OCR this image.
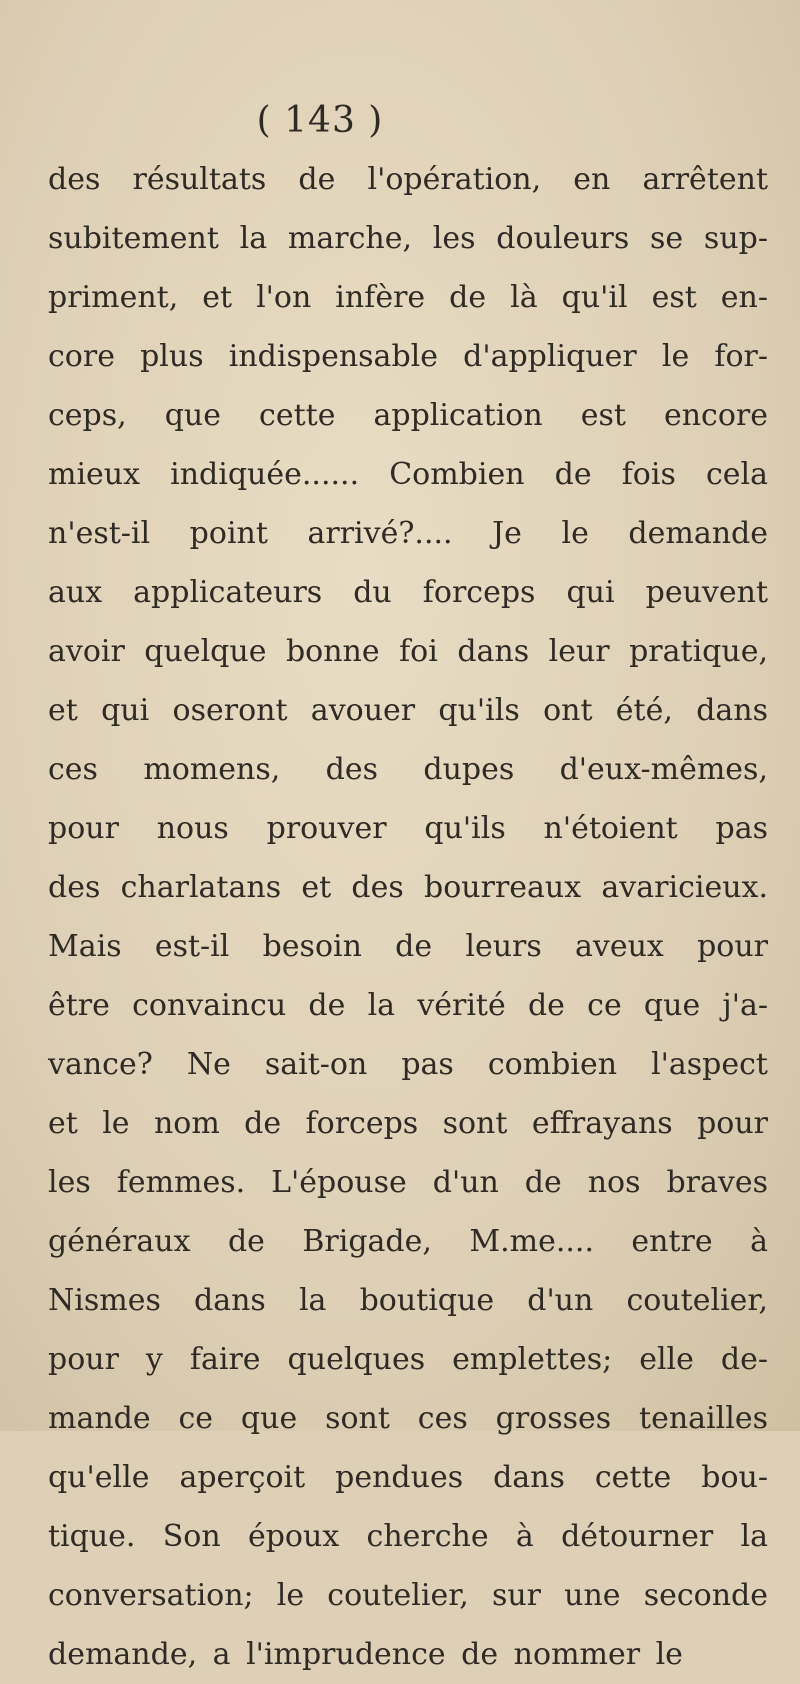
( 143 )
des résultats de l'opération, en arrêtent
subitement la marche, les douleurs se sup-
priment, et l'on infère de là qu'il est en-
core plus indispensable d'appliquer le for-
ceps, que cette application est encore
mieux indiquée...... Combien de fois cela
n'est-il point arrivé?.... Je le demande
aux applicateurs du forceps qui peuvent
avoir quelque bonne foi dans leur pratique,
et qui oseront avouer qu'ils ont été, dans
ces momens, des dupes d'eux-mêmes,
pour nous prouver qu'ils n'étoient pas
des charlatans et des bourreaux avaricieux.
Mais est-il besoin de leurs aveux pour
être convaincu de la vérité de ce que j'a-
vance? Ne sait-on pas combien l'aspect
et le nom de forceps sont effrayans pour
les femmes. L'épouse d'un de nos braves
généraux de Brigade, M.me.... entre à
Nismes dans la boutique d'un coutelier,
pour y faire quelques emplettes; elle de-
mande ce que sont ces grosses tenailles
qu'elle aperçoit pendues dans cette bou-
tique. Son époux cherche à détourner la
conversation; le coutelier, sur une seconde
demande, a l'imprudence de nommer le
